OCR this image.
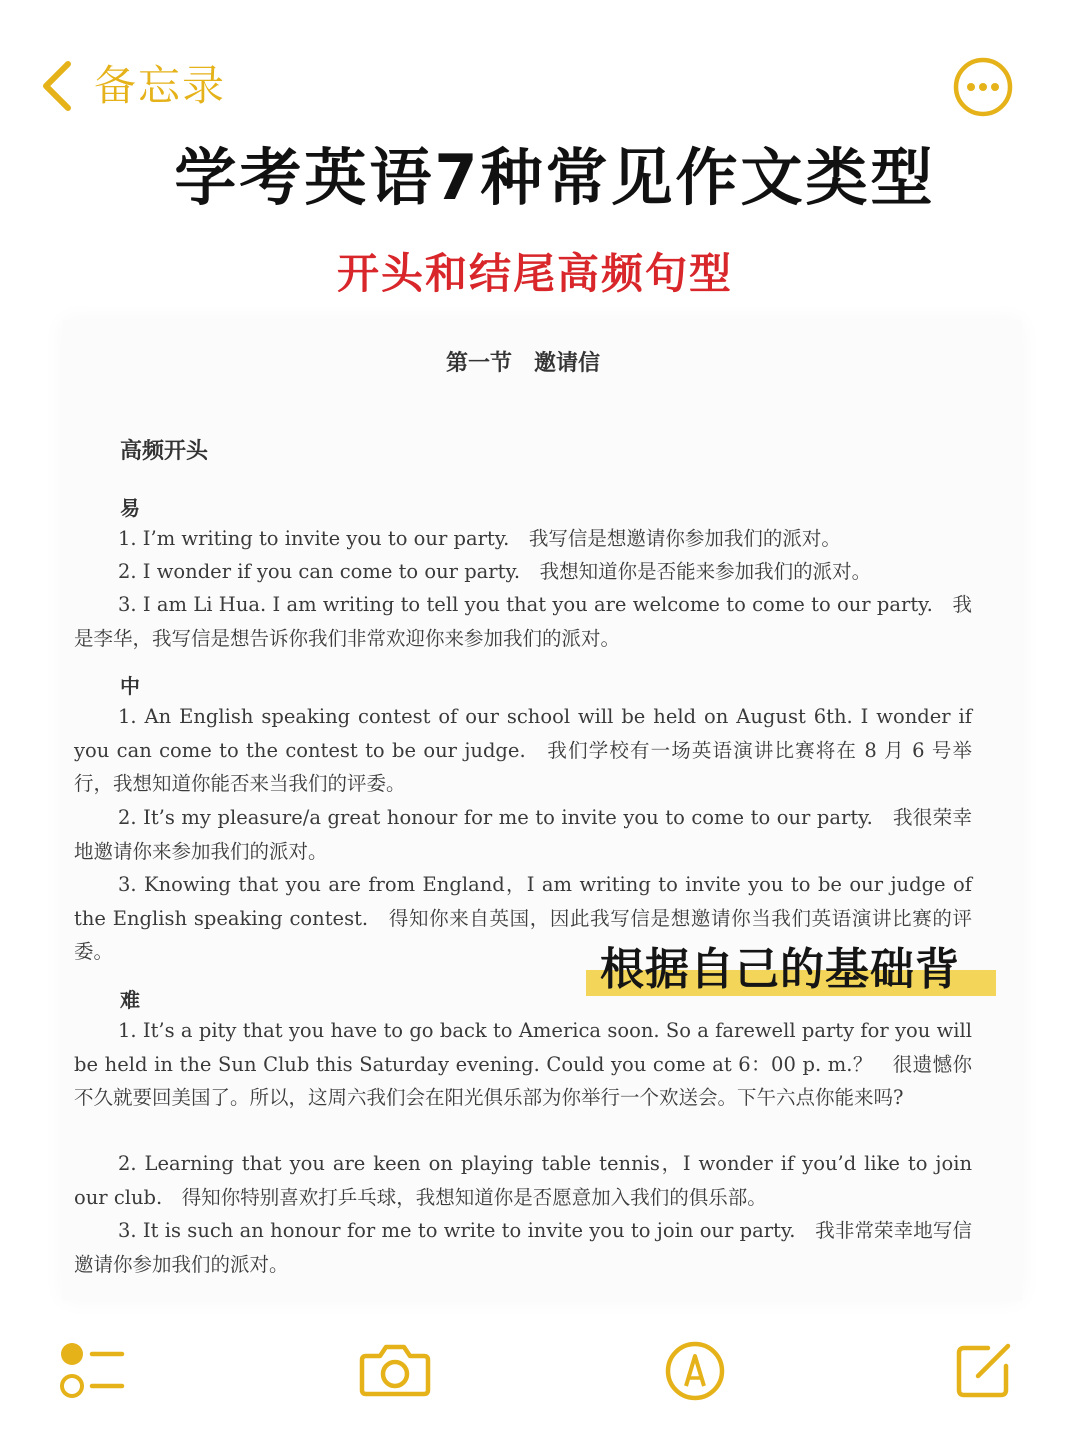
备忘录
学考英语7种常见作文类型
开头和结尾高频句型
第一节　邀请信
高频开头
易

1. I’m writing to invite you to our party.　我写信是想邀请你参加我们的派对。

2. I wonder if you can come to our party.　我想知道你是否能来参加我们的派对。

3. I am Li Hua. I am writing to tell you that you are welcome to come to our party.　我是李华，我写信是想告诉你我们非常欢迎你来参加我们的派对。

中

1. An English speaking contest of our school will be held on August 6th. I wonder if you can come to the contest to be our judge.　我们学校有一场英语演讲比赛将在 8 月 6 号举行，我想知道你能否来当我们的评委。

2. It’s my pleasure/a great honour for me to invite you to come to our party.　我很荣幸地邀请你来参加我们的派对。

3. Knowing that you are from England，I am writing to invite you to be our judge of the English speaking contest.　得知你来自英国，因此我写信是想邀请你当我们英语演讲比赛的评委。

难

1. It’s a pity that you have to go back to America soon. So a farewell party for you will be held in the Sun Club this Saturday evening. Could you come at 6：00 p. m.？　很遗憾你不久就要回美国了。所以，这周六我们会在阳光俱乐部为你举行一个欢送会。下午六点你能来吗?

2. Learning that you are keen on playing table tennis，I wonder if you’d like to join our club.　得知你特别喜欢打乒乓球，我想知道你是否愿意加入我们的俱乐部。

3. It is such an honour for me to write to invite you to join our party.　我非常荣幸地写信邀请你参加我们的派对。

根据自己的基础背
